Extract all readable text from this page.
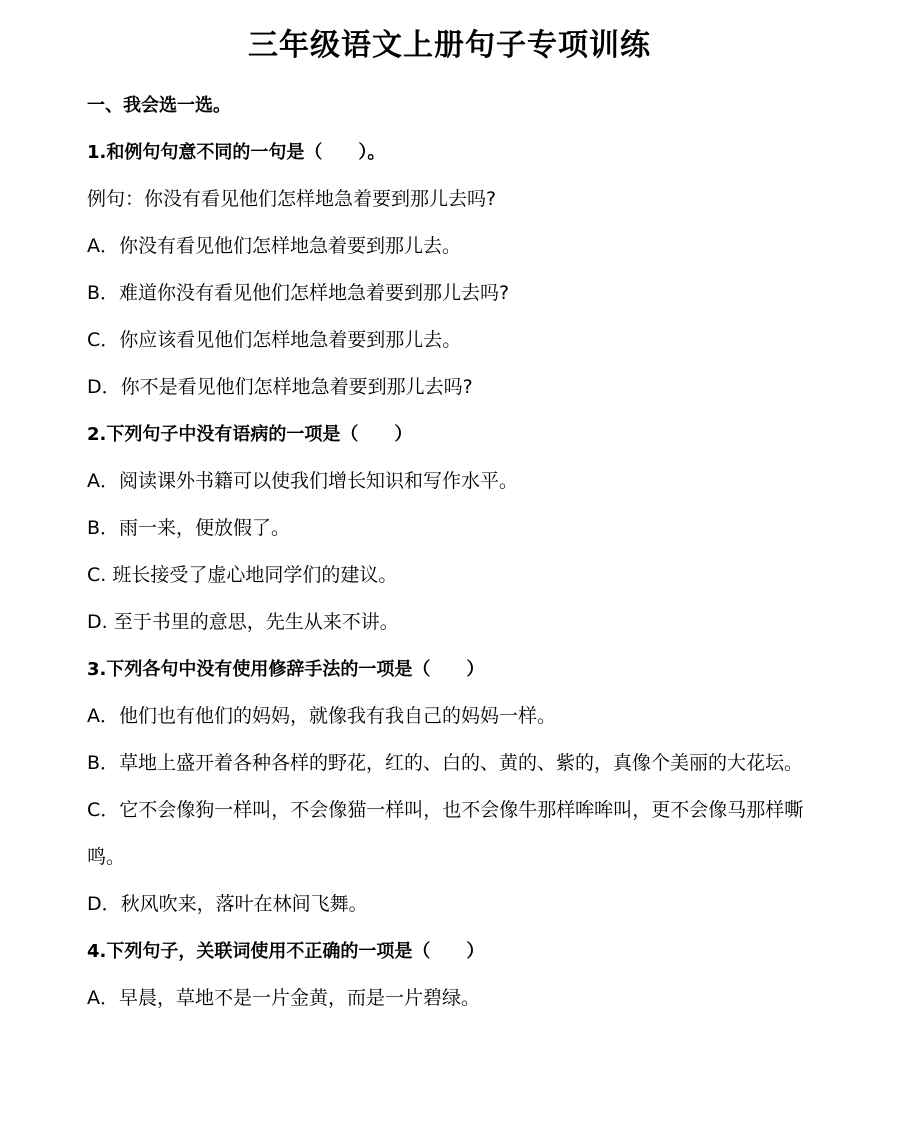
三年级语文上册句子专项训练
一、我会选一选。
1.和例句句意不同的一句是（　　）。
例句：你没有看见他们怎样地急着要到那儿去吗?
A．你没有看见他们怎样地急着要到那儿去。
B．难道你没有看见他们怎样地急着要到那儿去吗?
C．你应该看见他们怎样地急着要到那儿去。
D．你不是看见他们怎样地急着要到那儿去吗?
2.下列句子中没有语病的一项是（　　）
A．阅读课外书籍可以使我们增长知识和写作水平。
B．雨一来，便放假了。
C. 班长接受了虚心地同学们的建议。
D. 至于书里的意思，先生从来不讲。
3.下列各句中没有使用修辞手法的一项是（　　）
A．他们也有他们的妈妈，就像我有我自己的妈妈一样。
B．草地上盛开着各种各样的野花，红的、白的、黄的、紫的，真像个美丽的大花坛。
C．它不会像狗一样叫，不会像猫一样叫，也不会像牛那样哞哞叫，更不会像马那样嘶鸣。
D．秋风吹来，落叶在林间飞舞。
4.下列句子，关联词使用不正确的一项是（　　）
A．早晨，草地不是一片金黄，而是一片碧绿。
